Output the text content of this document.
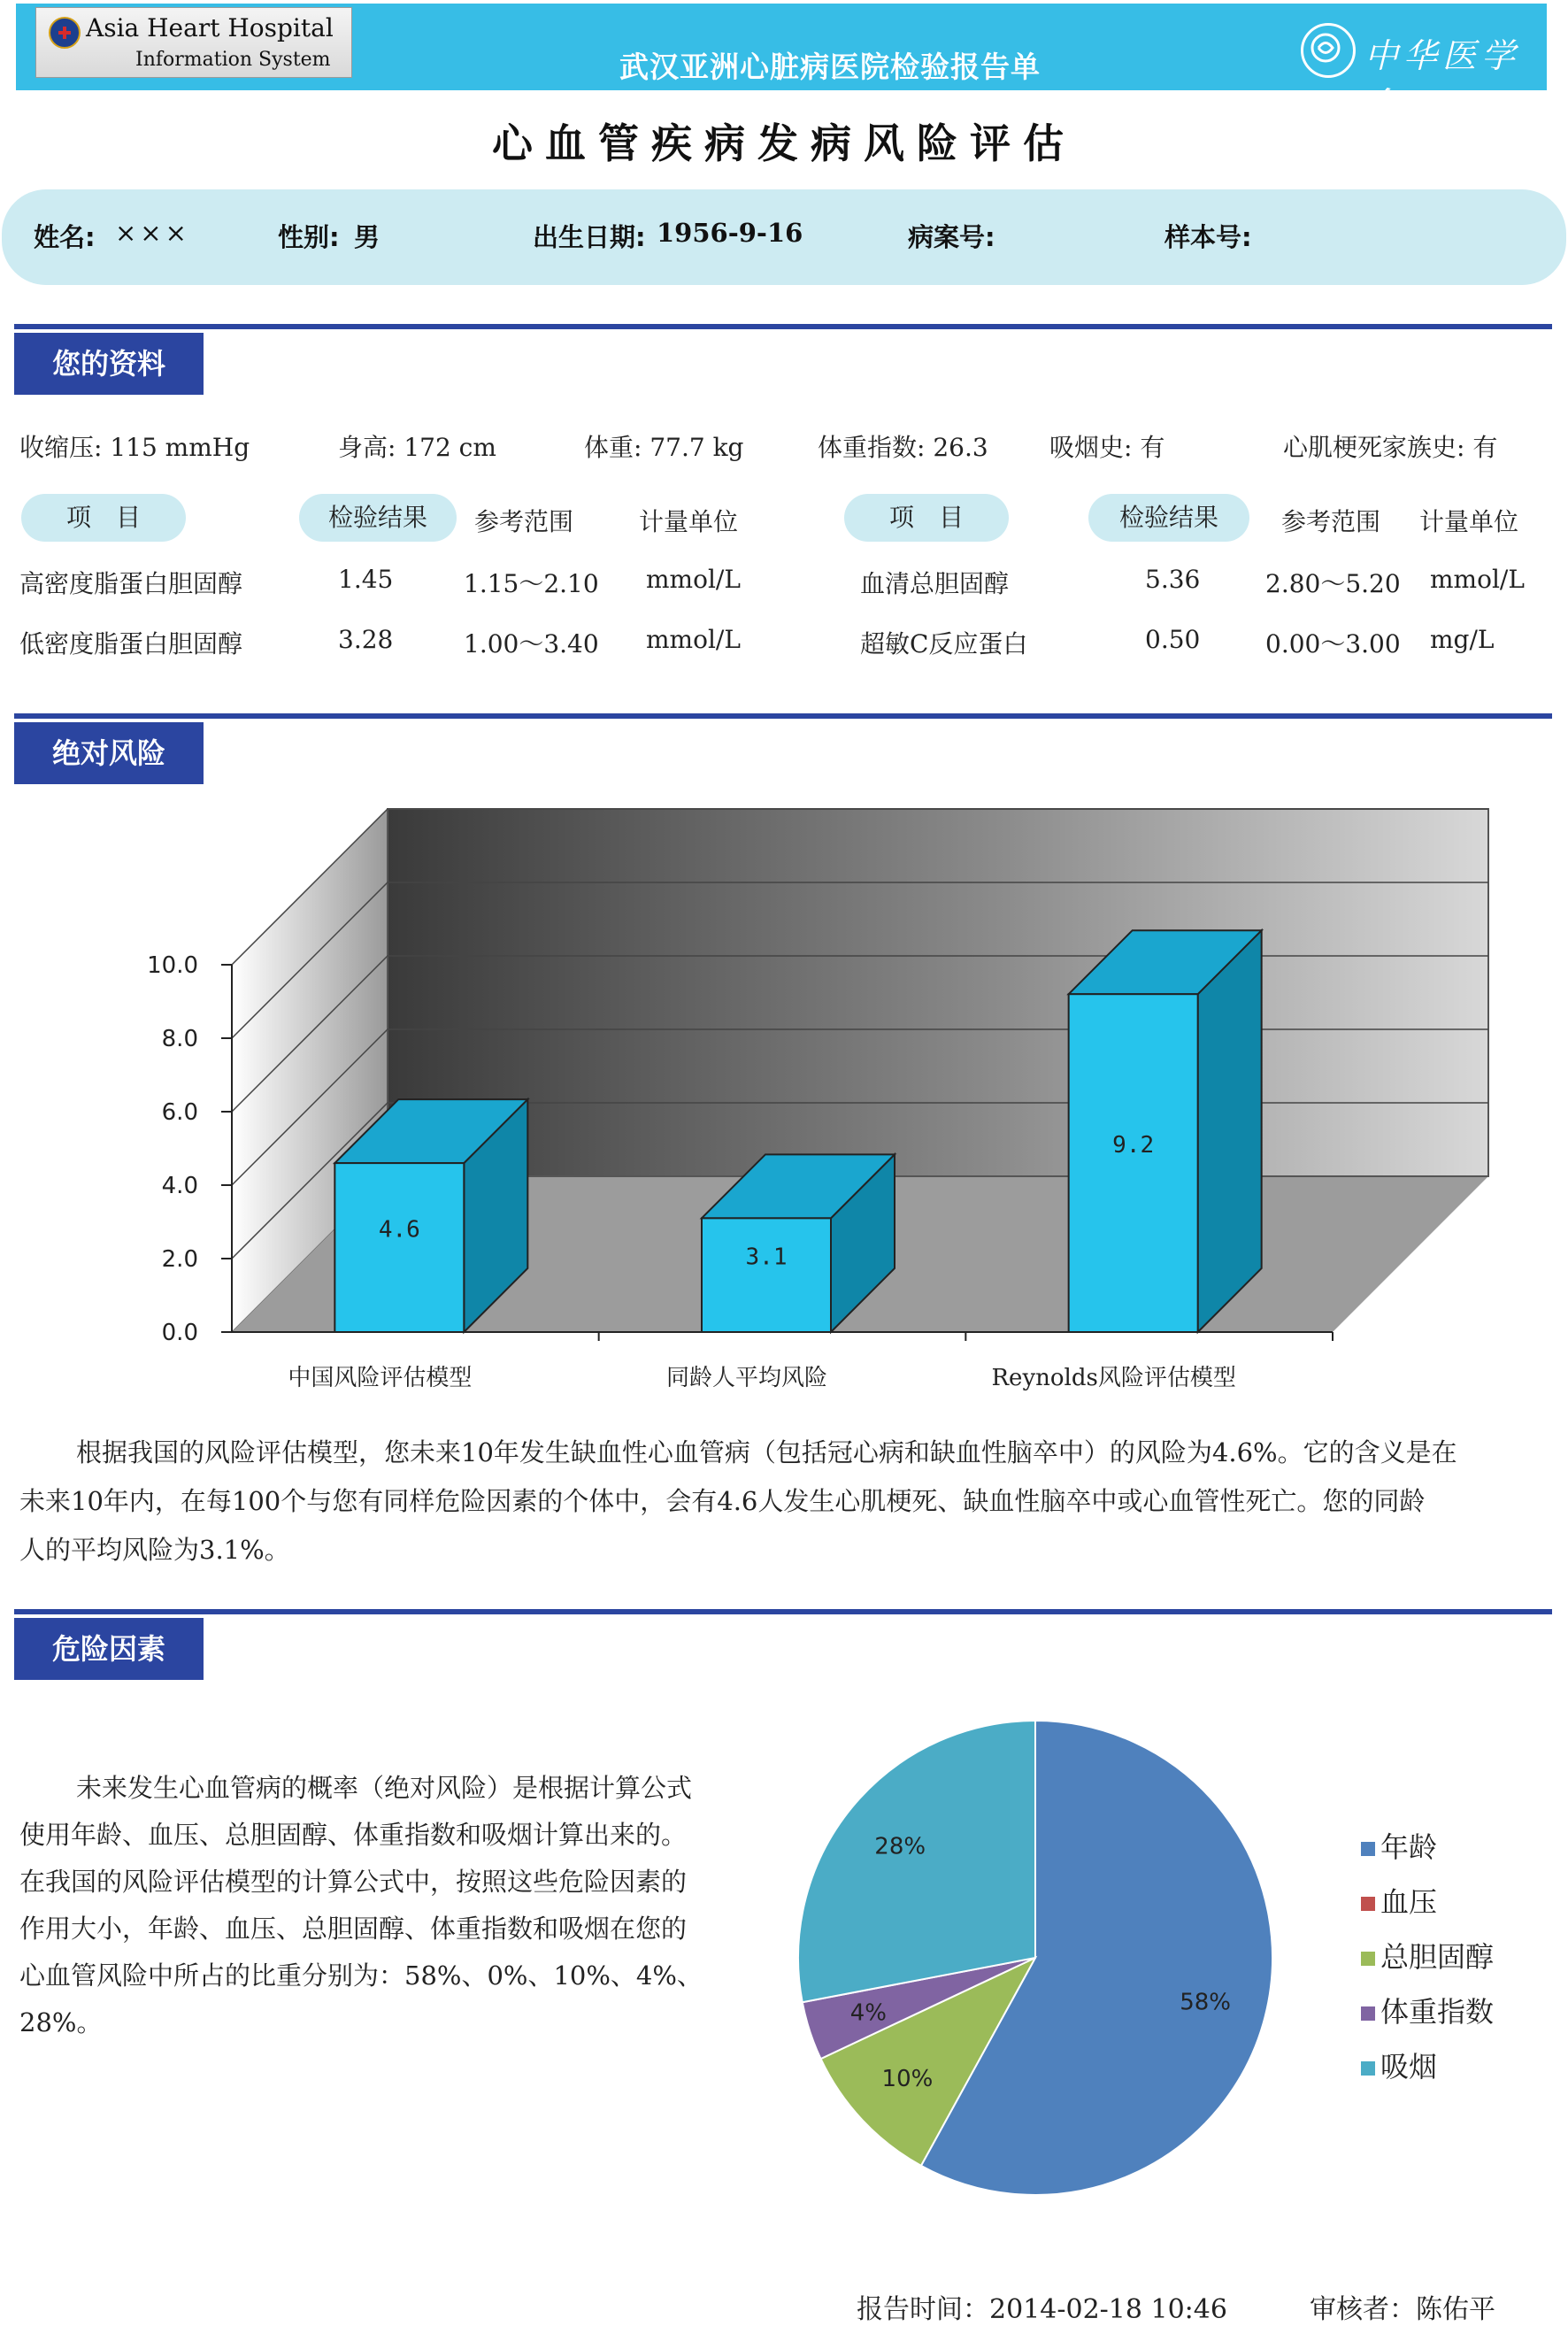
Asia Heart Hospital
Information System	武汉亚洲心脏病医院检验报告单	中华医学会
心血管疾病发病风险评估
姓名: ×××	性别: 男	出生日期: 1956-9-16	病案号:	样本号:
您的资料
收缩压: 115 mmHg	身高: 172 cm	体重: 77.7 kg	体重指数: 26.3 吸烟史: 有	心肌梗死家族史: 有
项　目	检验结果	参考范围	计量单位	项　目	检验结果	参考范围 计量单位
高密度脂蛋白胆固醇	1.45	1.15～2.10 mmol/L
低密度脂蛋白胆固醇	3.28	1.00～3.40 mmol/L
血清总胆固醇	5.36	2.80～5.20 mmol/L
超敏C反应蛋白	0.50	0.00～3.00 mg/L
绝对风险
0.0
2.0
4.0
6.0
8.0
10.0
4.6
3.1
9.2
中国风险评估模型	同龄人平均风险	Reynolds风险评估模型
根据我国的风险评估模型，您未来10年发生缺血性心血管病（包括冠心病和缺血性脑卒中）的风险为4.6%。它的含义是在
未来10年内，在每100个与您有同样危险因素的个体中，会有4.6人发生心肌梗死、缺血性脑卒中或心血管性死亡。您的同龄
人的平均风险为3.1%。
危险因素
未来发生心血管病的概率（绝对风险）是根据计算公式
使用年龄、血压、总胆固醇、体重指数和吸烟计算出来的。
在我国的风险评估模型的计算公式中，按照这些危险因素的
作用大小，年龄、血压、总胆固醇、体重指数和吸烟在您的
心血管风险中所占的比重分别为：58%、0%、10%、4%、28%。
58%
10%
4%
28%	年龄
血压
总胆固醇
体重指数
吸烟
报告时间：2014-02-18 10:46	审核者：陈佑平
